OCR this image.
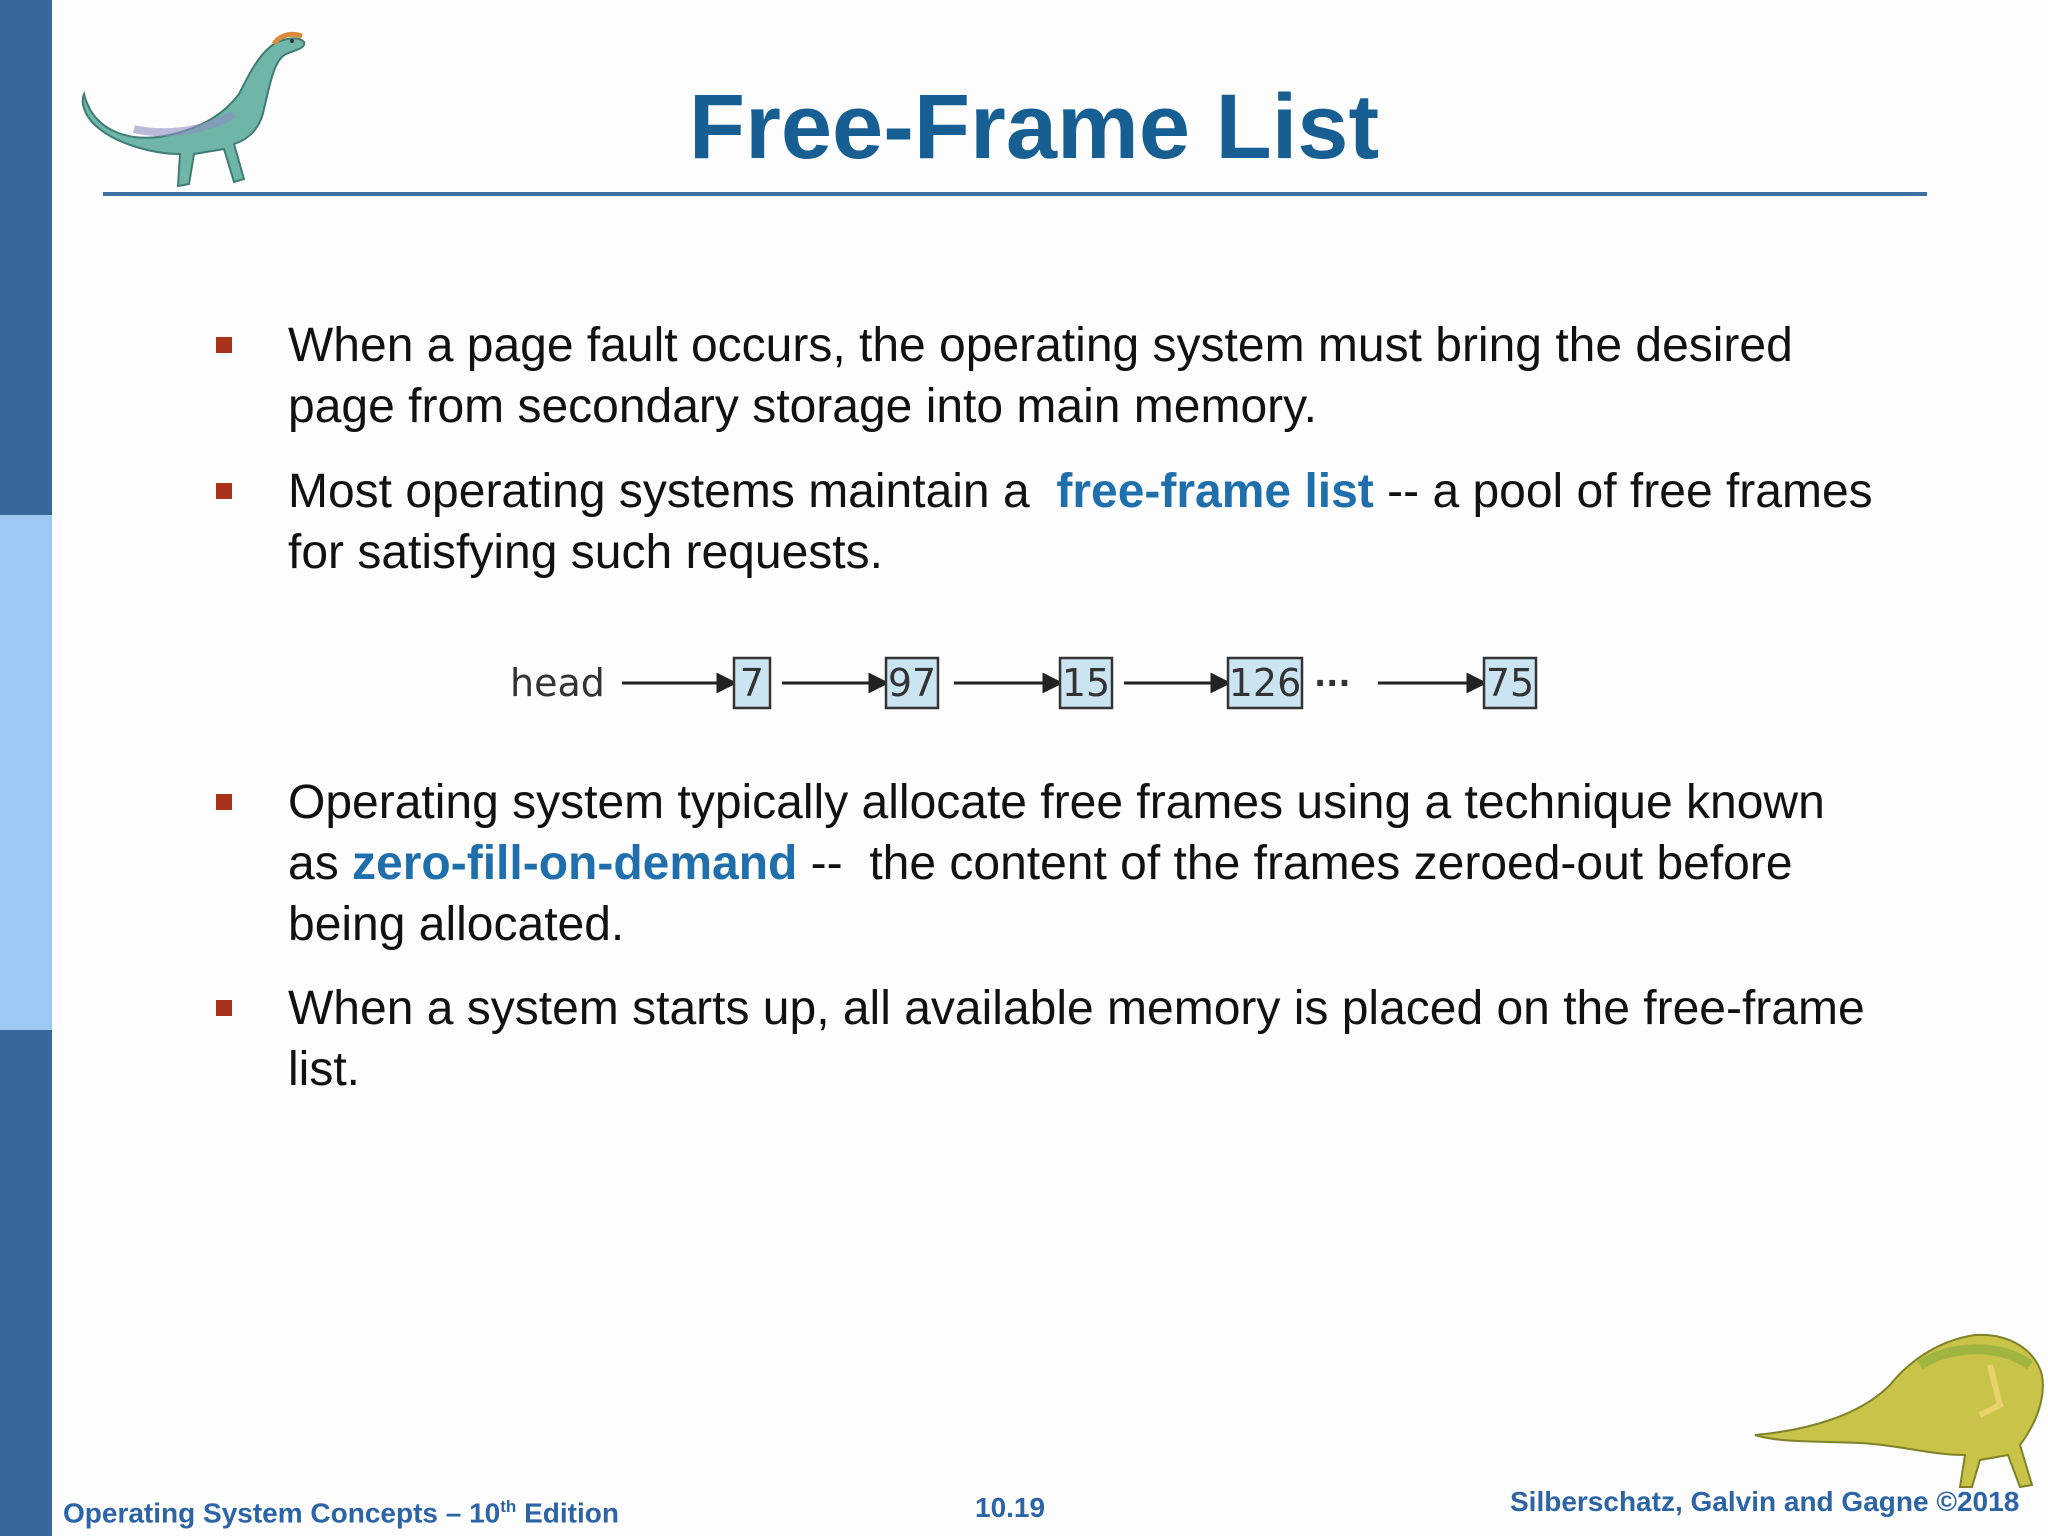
Free-Frame List
When a page fault occurs, the operating system must bring the desired page from secondary storage into main memory.
Most operating systems maintain a  free-frame list -- a pool of free frames for satisfying such requests.
head	7	97	15	126 ···	75
Operating system typically allocate free frames using a technique known as zero-fill-on-demand --  the content of the frames zeroed-out before being allocated.
When a system starts up, all available memory is placed on the free-frame list.
Operating System Concepts – 10th Edition	10.19	Silberschatz, Galvin and Gagne ©2018
